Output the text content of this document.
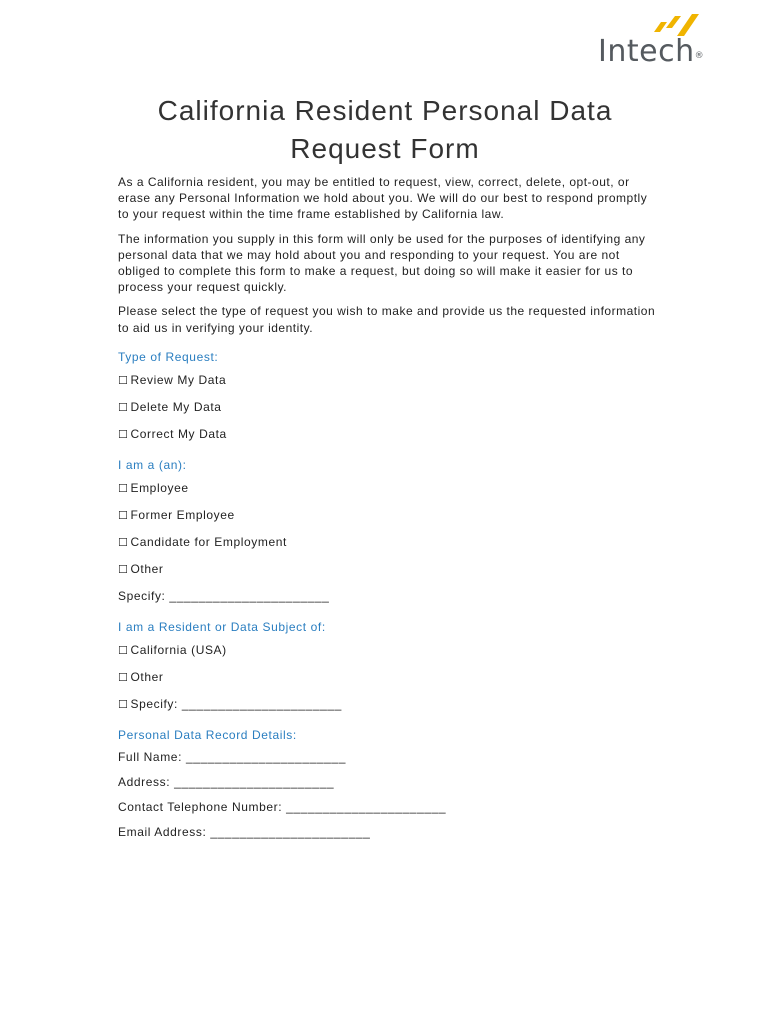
Intech®
California Resident Personal Data
Request Form

As a California resident, you may be entitled to request, view, correct, delete, opt-out, or erase any Personal Information we hold about you. We will do our best to respond promptly to your request within the time frame established by California law.

The information you supply in this form will only be used for the purposes of identifying any personal data that we may hold about you and responding to your request. You are not obliged to complete this form to make a request, but doing so will make it easier for us to process your request quickly.

Please select the type of request you wish to make and provide us the requested information to aid us in verifying your identity.

Type of Request:
☐ Review My Data
☐ Delete My Data
☐ Correct My Data
I am a (an):
☐ Employee
☐ Former Employee
☐ Candidate for Employment
☐ Other
Specify: ______________________
I am a Resident or Data Subject of:
☐ California (USA)
☐ Other
☐ Specify: ______________________
Personal Data Record Details:
Full Name: ______________________
Address: ______________________
Contact Telephone Number: ______________________
Email Address: ______________________
